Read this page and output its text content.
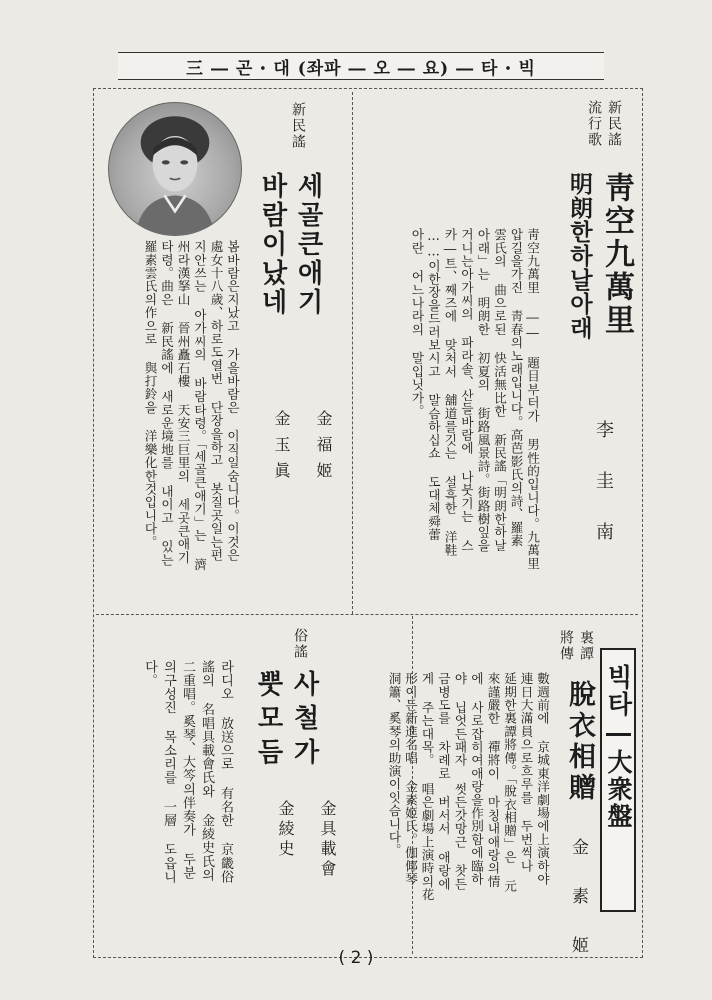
三 ― 곤 ꞏ 대 (좌파 ― 오 ― 요) ― 타 ꞏ 빅
新民謠
流行歌
靑空九萬里
明朗한하날아래
李 圭 南
靑空九萬里 ―― 題目부터가 男性的입니다。九萬里
압길을가진 靑春의노래입니다。高芭影氏의詩、羅素
雲氏의 曲으로된 快活無比한 新民謠「明朗한하날
아래」는 明朗한 初夏의 街路風景詩。街路樹잎을
거니는아가씨의 파라솔、산들바람에 나붓기는 스
카―트、째즈에 맞처서 舖道를깃는 설흑한 洋鞋
……이한장을드러보시고 말슴하십쇼 도대체舜蕾
아란 어느나라의 말입닛가。
新民謠
세골큰애기
바람이났네
金福姬
金玉眞
봄바람은지났고 가을바람은 이직일숨니다。이것은
處女十八歲、하로도열번 단장을하고 봇질곳일는펀
지안쓰는 아가씨의 바람타령。「세골큰애기」는 濟
州라漢拏山 晉州矗石樓 天安三巨里의 세곳큰애기
타령。曲은 新民謠에 새로운境地를 내이고 있는
羅素雲氏의作으로 與打鈴을 洋樂化한것입니다。
빅타―大衆盤
裏譚
將傳
脫衣相贈
金 素 姬
數週前에 京城東洋劇場에上演하야
連日大滿員으로흐루를 두번씩나
延期한裏譚將傳。「脫衣相贈」은 元
來謹嚴한 禪將이 마칭내애랑의情
에 사로잡히여애랑을作別함에臨하
야 닙엇든패자 썻든갓망근 찻든
금병도를 차례로 버서서 애랑에
게 주는대목。 唱은劇場上演時의花
形이든新進名唱 金素姬氏。伽倻琴
洞簫、奚琴의助演이잇슴니다。
俗謠
사철가
뿟모듬
金具載會
金綾史
라디오 放送으로 有名한 京畿俗
謠의 名唱具載會氏와 金綾史氏의
二重唱。奚琴、大笒의伴奏가 두분
의구성진 목소리를 一層 도읍니
다。
( 2 )
